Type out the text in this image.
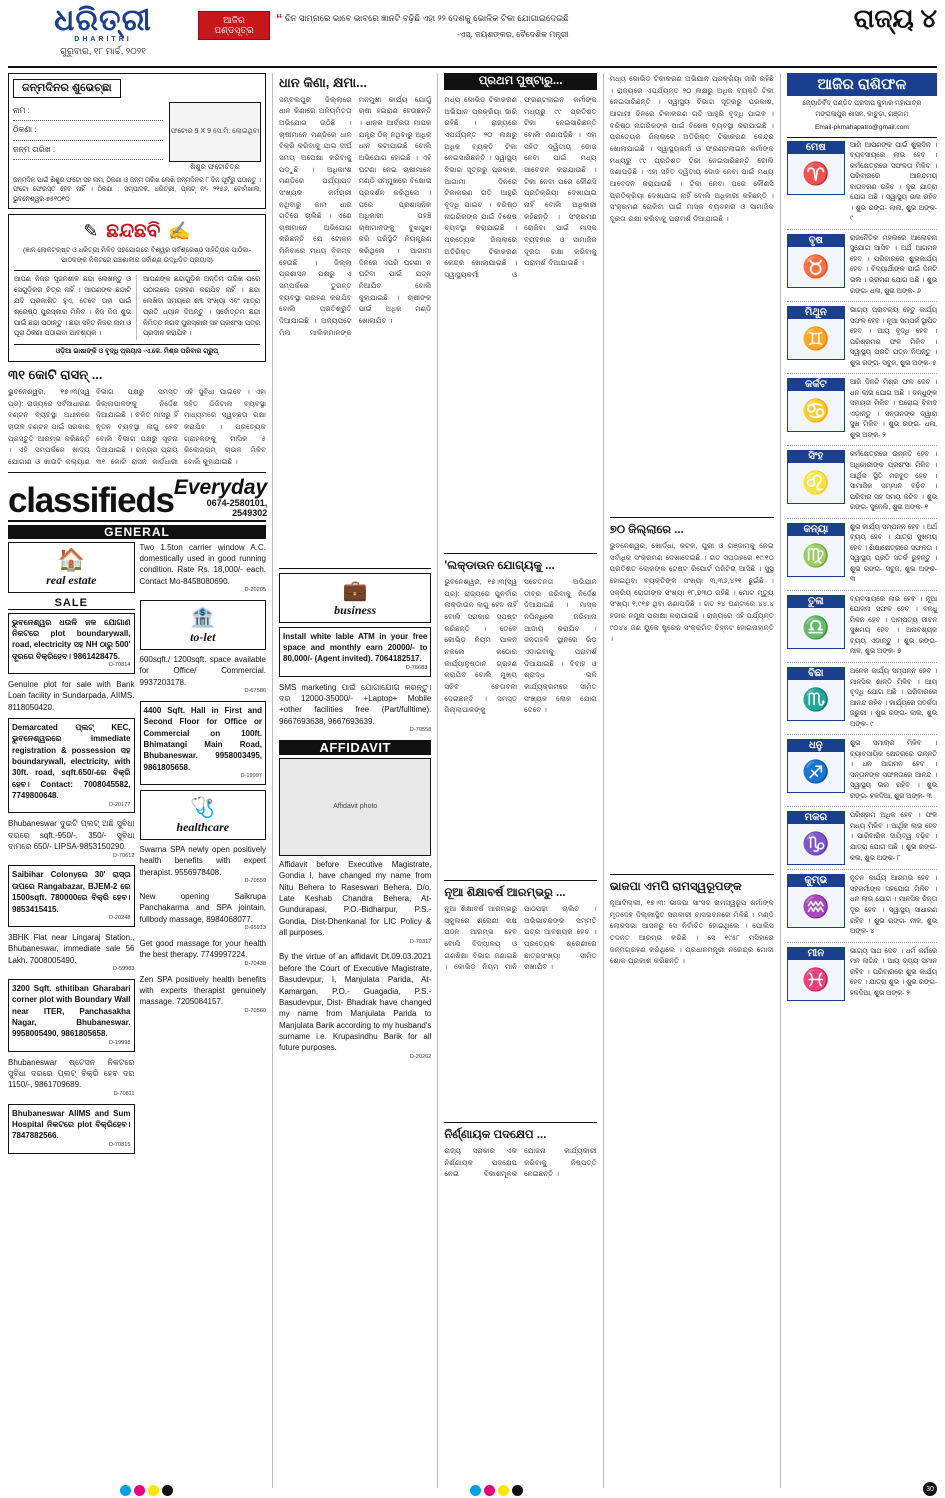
ଧରିତ୍ରୀ
DHARITRI
ଗୁରୁବାର, ୧୮ ମାର୍ଚ୍ଚ, ୨୦୨୧
ଆଜିର ପଣ୍ଡସୂତ୍ର
“ ଦିନ ସାମ୍ନାରେ ଭାବେ ଭାବରେ ଜ୍ଞାନଟି ବଢ଼ିଛି ଏହା ୨୨ ଦେଶକୁ ଭୋଳିକ ଟିକା ଯୋଗାଇଦେଇଛି
-ଏସ୍. ଜୟଶଙ୍କର, ବୈଦେଶିକ ମନ୍ତ୍ରୀ
ରାଜ୍ୟ ୪
ଜନ୍ମଦିନର ଶୁଭେଚ୍ଛା
ନାମ :
ଠିକଣା :
ଜନ୍ମ ତାରିଖ :
ଫଟୋର 9 X 9 ସେ.ମି. ଲୋଇଥିବା
ଶିଶୁର ଫଟୋଚିତ୍ର
ଜନ୍ମଦିନ ପାଇଁ ଶିଶୁର ଫଟୋ ସହ ନାମ, ଠିକଣା ଓ ଜନ୍ମ ତାରିଖ ଲେଖି ଜନ୍ମଦିନର ୮ ଦିନ ପୂର୍ବରୁ ପଠାନ୍ତୁ । ଫଟୋ ଫେରସ୍ତ ହେବ ନାହିଁ । ଠିକଣା : ସମ୍ପାଦକ, ଧରିତ୍ରୀ, ପ୍ଲଟ୍ ନଂ- ୨୧୫୬, ବୋମିଖାଲ, ଭୁବନେଶ୍ୱର-୭୫୧୦୧୦
✎ ଛନ୍ଦଛବି ✍
(ଜ୍ଞାନ ଲୋକଟ୍ରଷ୍ଟ ଓ ଧରିତ୍ରୀ ମିଳିତ ସହଯୋଗରେ ବିଶ୍ୱର ସର୍ବଶ୍ରେଷ୍ଠ ସାହିତ୍ୟିକ ପାଠିକା-ପାଠକଙ୍କ ନିକଟରେ ପଞ୍ଚଶାଳୀର ସର୍ବାଣ୍ଣ ଉଦ୍ଧିଡ଼ିତ ପ୍ରୟାସ)
ଆପଣ ନିଜର ସୃଜନଶୀଳ ଛନ୍ଦା ଲେଖନ୍ତୁ ଓ ସେଗୁଡ଼ିକର ଚିତ୍ର ନାହିଁ । ଆପଣଙ୍କ ଛନ୍ଦାଟି ଯଦି ପ୍ରକାଶିତ ହୁଏ, ତେବେ ତାହା ପାଇଁ ଶ୍ରେଷ୍ଠ ପୁରସ୍କାର ମିଳିବ । ନିଜ ନିଜ ଶୁଭ ପାଇଁ ଛନ୍ଦା ପଠାନ୍ତୁ । ଛନ୍ଦା ସହିତ ନିଜର ନାମ ଓ ପୂରା ଠିକଣା ପଠାଇବା ଆବଶ୍ୟକ ।
ଆପଣଙ୍କ ଛନ୍ଦାଗୁଡ଼ିକ ଅନ୍ତିମ ତାରିଖ ପରେ ପଠାଇଲେ ଗ୍ରହଣ କରାଯିବ ନାହିଁ । ଛନ୍ଦା ଲେଖିବା ସମୟରେ ଶବ୍ଦ ସଂଖ୍ୟା ଏବଂ ମାତ୍ରା ପ୍ରତି ଧ୍ୟାନ ଦିଅନ୍ତୁ । ସର୍ବୋତ୍ତମ ଛନ୍ଦା ନିମିତ୍ତ ନଗଦ ପୁରସ୍କାର ସହ ପ୍ରଶଂସା ପତ୍ର ପ୍ରଦାନ କରାଯିବ ।
ଓଡ଼ିଆ ଭାଷାଙ୍କି ଓ ବୃଦ୍ଧି ପ୍ରୟାସ -ଏ.କେ. ମିଶ୍ର ପରିବାର ଗ୍ରୁପ୍
୩୧ କୋଟି ରାସନ୍ ...
ଭୁବନେଶ୍ୱର, ୧୭।୩(ସ୍ୱ ପ୍ର): ରାଜ୍ୟରେ ସର୍ବସାଧାରଣ ବଣ୍ଟନ ବ୍ୟବସ୍ଥା ଅଧୀନରେ ଚାଉଳ ବଣ୍ଟନ ପାଇଁ ସରକାର ପ୍ରସ୍ତୁତି ଆରମ୍ଭ କରିଛନ୍ତି । ଏହି ସମ୍ପର୍କରେ ଖାଦ୍ୟ ଯୋଗାଣ ଓ ଖାଉଟି କଲ୍ୟାଣ ବିଭାଗ ପକ୍ଷରୁ ସମସ୍ତ ଜିଲ୍ଲାପାଳଙ୍କୁ ନିର୍ଦ୍ଦେଶ ଦିଆଯାଇଛି । ଚଳିତ ମାସରୁ ହିଁ ନୂତନ ବ୍ୟବସ୍ଥା ଲାଗୁ ହେବ ବୋଲି ବିଭାଗ ପକ୍ଷରୁ ସୂଚନା ଦିଆଯାଇଛି । ରାଜ୍ୟର ପ୍ରାୟ ୩୧ କୋଟି ରାସନ କାର୍ଡ଼ଧାରୀ ଏହି ସୁବିଧା ପାଇବେ । ଏହା ସହିତ ଡିଜିଟାଲ ବ୍ୟବସ୍ଥା ମାଧ୍ୟମରେ ସ୍ୱଚ୍ଛତା ରକ୍ଷା କରାଯିବ । ପ୍ରତ୍ୟେକ ଗ୍ରାହକଙ୍କୁ ମାସିକ ୫ କିଲୋଗ୍ରାମ୍ ଚାଉଳ ମିଳିବ ବୋଲି କୁହାଯାଇଛି ।
classifieds Everyday
0674-2580101, 2549302
GENERAL
🏠
real estate
SALE
ଭୁବନେଶ୍ୱର ଧଉଳି ଜଳ ଯୋଗାଣ ନିକଟରେ plot boundarywall, road, electricity ସହ NH ଠାରୁ 500' ଦୂରରେ ବିକ୍ରିହେବ। 9861428475.
D-70814
Genuine plot for sale with Bank Loan facility in Sundarpada, AIIMS. 8118050420.
Demarcated ପ୍ଲଟ୍ KEC, ଭୁବନେଶ୍ୱରରେ immediate registration & possession ସହ boundarywall, electricity, with 30ft. road, sqft.650/-ରେ ବିକ୍ରି ହେବ। Contact: 7008045582, 7749800648.
D-20177
Bhubaneswar ଦୁଇଟି ପ୍ଲଟ୍ ଅଛି ସୁବିଧା ଦରରେ sqft.-950/-, 350/- ସୁବିଧା ଦାମରେ 650/- LIPSA-9853150290.
D-70612
Saibihar Colonyରେ 30' ରାସ୍ତା ଉପରେ Rangabazar, BJEM-2 ରେ 1500sqft. 780000ରେ ବିକ୍ରି ହେବ। 9853415415.
D-20248
3BHK Flat near Lingaraj Station., Bhubaneswar, immediate sale 56 Lakh. 7008005490.
D-59983
3200 Sqft. sthitiban Gharabari corner plot with Boundary Wall near ITER, Panchasakha Nagar, Bhubaneswar. 9958005490, 9861805658.
D-19998
Bhubaneswar ଷ୍ଟେସନ ନିକଟରେ ସୁବିଧା ଦରରେ ପ୍ଲଟ୍ ବିକ୍ରି ହେବ ଦର 1150/-, 9861709689.
D-70811
Bhubaneswar AIIMS and Sum Hospital ନିକଟରେ plot ବିକ୍ରିହେବ। 7847882566.
D-70815
Two 1.5ton carrier window A.C. domestically used in good running condition. Rate Rs. 18,000/- each. Contact Mo-8458080690.
D-20205
🏦
to-let
600sqft./ 1200sqft. space available for Office/ Commercial. 9937203178.
D-67586
4400 Sqft. Hall in First and Second Floor for Office or Commercial on 100ft. Bhimatangi Main Road, Bhubaneswar. 9958003495, 9861805658.
D-19997
🩺
healthcare
Swarna SPA newly open positively health benefits with expert therapist. 9556978408.
D-70559
New opening Saikrupa Panchakarma and SPA jointain, fullbody massage, 8984068077.
D-65913
Get good massage for your health the best therapy. 7749997224.
D-70438
Zen SPA positively health benefits with experts therapist genuinely massage. 7205084157.
D-70560
ଧାନ କିଣା, କ୍ଷମା...
ସମ୍ବଲପୁର ଜିଲ୍ଲାରେ ଧାନ କିଣାରେ ଅନିୟମିତତା ଅଭିଯୋଗ ଉଠିଛି । ଚାଷୀମାନେ ମଣ୍ଡିରେ ଧାନ ବିକ୍ରି କରିବାକୁ ଯାଇ ଦୀର୍ଘ ସମୟ ଅପେକ୍ଷା କରିବାକୁ ପଡ଼ୁଛି । ଅଧିକାଂଶ ମଣ୍ଡିରେ ପର୍ଯ୍ୟାପ୍ତ ସଂଖ୍ୟକ କର୍ମଚାରୀ ନଥିବାରୁ କାମ ଧୀର ଗତିରେ ଚାଲିଛି । ଏଣେ ଚାଷୀମାନେ ଅଭିଯୋଗ କରିଛନ୍ତି ଯେ ଟୋକନ ମିଳିବାରେ ମଧ୍ୟ ବିଳମ୍ବ ହେଉଛି । ଜିଲ୍ଲା ପ୍ରଶାସନ ପକ୍ଷରୁ ଏ ସମ୍ପର୍କରେ ତୁରନ୍ତ ବ୍ୟବସ୍ଥା ଗ୍ରହଣ କରାଯିବ ବୋଲି ପ୍ରତିଶ୍ରୁତି ଦିଆଯାଇଛି । ଅନ୍ୟପଟେ ମିଲ ମାଲିକମାନଙ୍କ ମନମୁଖୀ କାର୍ଯ୍ୟ ଯୋଗୁଁ ଚାଷୀ ହଇରାଣ ହେଉଛନ୍ତି । ଧାନର ଆର୍ଦ୍ରତା ମାପକ ଯନ୍ତ୍ର ଠିକ୍ ନଥିବାରୁ ଅଧିକ ଧାନ କଟାଯାଉଛି ବୋଲି ଅଭିଯୋଗ ହୋଇଛି । ଏହି ଘଟଣା ନେଇ ଚାଷୀମାନେ ମଣ୍ଡି ସମ୍ମୁଖରେ ବିକ୍ଷୋଭ ପ୍ରଦର୍ଶନ କରିଥିଲେ । ପରେ ପ୍ରଶାସନିକ ଅଧିକାରୀ ପହଞ୍ଚି ଚାଷୀମାନଙ୍କୁ ବୁଝାସୁଝା କରି ପରିସ୍ଥିତି ନିୟନ୍ତ୍ରଣ କରିଥିଲେ । ଆଗାମୀ ଦିନରେ ଏପରି ଘଟଣା ନ ଘଟିବା ପାଇଁ ଯତ୍ନ ନିଆଯିବ ବୋଲି କୁହାଯାଇଛି । ଚାଷୀଙ୍କ ପାଇଁ ଅଧିକ ମଣ୍ଡି ଖୋଲାଯିବ ।
💼
business
Install white lable ATM in your free space and monthly earn 20000/- to 80,000/- (Agent invited). 7064182517.
D-76683
SMS marketing ପାଇଁ ଯୋଗାଯୋଗ କରନ୍ତୁ। ଦର 12000-35000/- +Laptop+ Mobile +other facilities free (Part/fulltime). 9667693638, 9667693639.
D-70558
AFFIDAVIT
Affidavit photo
Affidavit before Executive Magistrate, Gondia I, have changed my name from Nitu Behera to Raseswari Behera. D/o. Late Keshab Chandra Behera, At- Gundurapasi, P.O.-Bidharpur, P.S.- Gondia, Dist-Dhenkanal for LIC Policy & all purposes.
D-70317
By the virtue of an affidavit Dt.09.03.2021 before the Court of Executive Magistrate, Basudevpur, I, Manjulata Parida, At- Kamargan, P.O.- Guagadia, P.S.- Basudevpur, Dist- Bhadrak have changed my name from Manjulata Parida to Manjulata Barik according to my husband's surname i.e. Krupasindhu Barik for all future purposes.
D-20262
ପ୍ରଥମ ପୁଷ୍ଟାରୁ...
ମଧ୍ୟ କୋଭିଡ଼ ଟିକାକରଣ ଅଭିଯାନ ପ୍ରକ୍ରିୟା ଜାରି ରହିଛି । ରାଜ୍ୟରେ ଏପର୍ଯ୍ୟନ୍ତ ୨୦ ଲକ୍ଷରୁ ଅଧିକ ବ୍ୟକ୍ତି ଟିକା ନେଇସାରିଛନ୍ତି । ସ୍ୱାସ୍ଥ୍ୟ ବିଭାଗ ସୂତ୍ରରୁ ପ୍ରକାଶ, ଆଗାମୀ ଦିନରେ ଟିକାକରଣ ଗତି ଆହୁରି ବୃଦ୍ଧି ପାଇବ । ବରିଷ୍ଠ ନାଗରିକଙ୍କ ପାଇଁ ବିଶେଷ ବ୍ୟବସ୍ଥା କରାଯାଇଛି । ପ୍ରତ୍ୟେକ ଜିଲ୍ଲାରେ ଅତିରିକ୍ତ ଟିକାକରଣ କେନ୍ଦ୍ର ଖୋଲାଯାଇଛି । ସ୍ୱାସ୍ଥ୍ୟକର୍ମୀ ଓ ଫ୍ରଣ୍ଟଲାଇନ କର୍ମୀଙ୍କ ମଧ୍ୟରୁ ୯୯ ପ୍ରତିଶତ ଟିକା ନେଇସାରିଛନ୍ତି ବୋଲି ଜଣାପଡ଼ିଛି । ଏହା ସହିତ ଦ୍ୱିତୀୟ ଡୋଜ ନେବା ପାଇଁ ମଧ୍ୟ ଆବେଦନ କରାଯାଉଛି । ଟିକା ନେବା ପରେ କୌଣସି ପ୍ରତିକ୍ରିୟା ଦେଖାଯାଇ ନାହିଁ ବୋଲି ଅଧିକାରୀ କହିଛନ୍ତି । ସଂକ୍ରମଣ ରୋକିବା ପାଇଁ ମାସ୍କ ବ୍ୟବହାର ଓ ସାମାଜିକ ଦୂରତା ରକ୍ଷା କରିବାକୁ ପରାମର୍ଶ ଦିଆଯାଇଛି ।
'ଲକ୍‌ଡାଉନ ଯୋଗ୍ୟକୁ ...
ଭୁବନେଶ୍ୱର, ୧୭।୩(ସ୍ୱ ପ୍ର): ରାଜ୍ୟରେ ପୁନର୍ବାର ଲକ୍‌ଡାଉନ ଲାଗୁ ହେବ ନାହିଁ ବୋଲି ସରକାର ସ୍ପଷ୍ଟ କରିଛନ୍ତି । ତେବେ କୋଭିଡ଼ ନିୟମ ପାଳନ ନକଲେ କଠୋର କାର୍ଯ୍ୟାନୁଷ୍ଠାନ ଗ୍ରହଣ କରାଯିବ ବୋଲି ମୁଖ୍ୟ ସଚିବ ଚେତାବନୀ ଦେଇଛନ୍ତି । ସମସ୍ତ ଜିଲ୍ଲାପାଳଙ୍କୁ ସଚେତନତା ଅଭିଯାନ ତୀବ୍ର କରିବାକୁ ନିର୍ଦ୍ଦେଶ ଦିଆଯାଇଛି । ମାସ୍କ ନପିନ୍ଧିଲେ ଜରିମାନା ଆଦାୟ କରାଯିବ । ଜନଗହଳି ସ୍ଥାନରେ ଭିଡ଼ ଏଡ଼ାଇବାକୁ ପରାମର୍ଶ ଦିଆଯାଇଛି । ବିବାହ ଓ ଶ୍ରାଦ୍ଧ ଭଳି କାର୍ଯ୍ୟକ୍ରମରେ ସୀମିତ ସଂଖ୍ୟକ ଲୋକ ଯୋଗ ଦେବେ ।
ନୂଆ ଶିକ୍ଷାବର୍ଷ ଆରମ୍ଭରୁ ...
ନୂଆ ଶିକ୍ଷାବର୍ଷ ଆରମ୍ଭରୁ ସ୍କୁଲରେ ଶ୍ରେଣୀ କକ୍ଷ ପଠନ ଆରମ୍ଭ ହେବ ବୋଲି ବିଦ୍ୟାଳୟ ଓ ଗଣଶିକ୍ଷା ବିଭାଗ ଜଣାଇଛି । କୋଭିଡ଼ ନିୟମ ମାନି ପାଠପଢ଼ା ଚାଲିବ । ଅଭିଭାବକଙ୍କ ସମ୍ମତି ପତ୍ର ଆବଶ୍ୟକ ହେବ । ପ୍ରତ୍ୟେକ ଶ୍ରେଣୀରେ ଛାତ୍ରସଂଖ୍ୟା ସୀମିତ ରଖାଯିବ ।
ନିର୍ଣ୍ଣାୟକ ପଦକ୍ଷେପ ...
ରାଜ୍ୟ ସରକାର ଏକ ନିର୍ଣ୍ଣାୟକ ପଦକ୍ଷେପ ନେଇ ବିକାଶମୂଳକ ଯୋଜନା କାର୍ଯ୍ୟକାରୀ କରିବାକୁ ନିଷ୍ପତ୍ତି ନେଇଛନ୍ତି ।
ମଧ୍ୟ କୋଭିଡ଼ ଟିକାକରଣ ଅଭିଯାନ ପ୍ରକ୍ରିୟା ଜାରି ରହିଛି । ରାଜ୍ୟରେ ଏପର୍ଯ୍ୟନ୍ତ ୨୦ ଲକ୍ଷରୁ ଅଧିକ ବ୍ୟକ୍ତି ଟିକା ନେଇସାରିଛନ୍ତି । ସ୍ୱାସ୍ଥ୍ୟ ବିଭାଗ ସୂତ୍ରରୁ ପ୍ରକାଶ, ଆଗାମୀ ଦିନରେ ଟିକାକରଣ ଗତି ଆହୁରି ବୃଦ୍ଧି ପାଇବ । ବରିଷ୍ଠ ନାଗରିକଙ୍କ ପାଇଁ ବିଶେଷ ବ୍ୟବସ୍ଥା କରାଯାଇଛି । ପ୍ରତ୍ୟେକ ଜିଲ୍ଲାରେ ଅତିରିକ୍ତ ଟିକାକରଣ କେନ୍ଦ୍ର ଖୋଲାଯାଇଛି । ସ୍ୱାସ୍ଥ୍ୟକର୍ମୀ ଓ ଫ୍ରଣ୍ଟଲାଇନ କର୍ମୀଙ୍କ ମଧ୍ୟରୁ ୯୯ ପ୍ରତିଶତ ଟିକା ନେଇସାରିଛନ୍ତି ବୋଲି ଜଣାପଡ଼ିଛି । ଏହା ସହିତ ଦ୍ୱିତୀୟ ଡୋଜ ନେବା ପାଇଁ ମଧ୍ୟ ଆବେଦନ କରାଯାଉଛି । ଟିକା ନେବା ପରେ କୌଣସି ପ୍ରତିକ୍ରିୟା ଦେଖାଯାଇ ନାହିଁ ବୋଲି ଅଧିକାରୀ କହିଛନ୍ତି । ସଂକ୍ରମଣ ରୋକିବା ପାଇଁ ମାସ୍କ ବ୍ୟବହାର ଓ ସାମାଜିକ ଦୂରତା ରକ୍ଷା କରିବାକୁ ପରାମର୍ଶ ଦିଆଯାଇଛି ।
୭୦ ଜିଲ୍ଲାରେ ...
ଭୁବନେଶ୍ୱର, ଖୋର୍ଦ୍ଧା, କଟକ, ପୁରୀ ଓ ଗଞ୍ଜାମକୁ ନେଇ ସର୍ବାଧିକ ସଂକ୍ରମଣ ଦେଖାଦେଇଛି । ଗତ ସପ୍ତାହରେ ୧୯.୧୦ ପ୍ରତିଶତ ଲୋକଙ୍କ ଟେଷ୍ଟ ରିପୋର୍ଟ ପଜିଟିଭ୍ ଆସିଛି । ସୁସ୍ଥ ହୋଇଥିବା ବ୍ୟକ୍ତିଙ୍କ ସଂଖ୍ୟା ୩,୩୬,୪୨୧ ଛୁଇଁଛି । ସକ୍ରିୟ ରୋଗୀଙ୍କ ସଂଖ୍ୟା ୧୮,୭୩୦ ରହିଛି । ମୋଟ ମୃତ୍ୟୁ ସଂଖ୍ୟା ୧,୯୧୭ ଥିବା ଜଣାପଡ଼ିଛି । ଗତ ୨୪ ଘଣ୍ଟାରେ ୪୪.୪ ହଜାର ନମୁନା ପରୀକ୍ଷା କରାଯାଇଛି । ରାଜ୍ୟରେ ଏହି ପର୍ଯ୍ୟନ୍ତ ୯୦୪୪ ଜଣ ୟୁକେ ଷ୍ଟ୍ରେନ ସଂକ୍ରମିତ ଚିହ୍ନଟ ହୋଇନାହାନ୍ତି ।
ଭାଜପା ଏମପି ରାମସ୍ୱରୂପଙ୍କ
ନୂଆଦିଲ୍ଲୀ, ୧୭।୩: ଭାଜପା ସାଂସଦ ରାମସ୍ୱରୂପ ଶର୍ମାଙ୍କ ମୃତଦେହ ଦିଲ୍ଲୀସ୍ଥିତ ସରକାରୀ ବାସଭବନରେ ମିଳିଛି । ମଣ୍ଡି ଲୋକସଭା ଆସନରୁ ସେ ନିର୍ବାଚିତ ହୋଇଥିଲେ । ପୋଲିସ ତଦନ୍ତ ଆରମ୍ଭ କରିଛି । ସେ ୧୯୫୮ ମସିହାରେ ଜନ୍ମଗ୍ରହଣ କରିଥିଲେ । ପ୍ରଧାନମନ୍ତ୍ରୀ ନରେନ୍ଦ୍ର ମୋଦୀ ଶୋକ ପ୍ରକାଶ କରିଛନ୍ତି ।
ଆଜିର ରାଶିଫଳ
ଜ୍ୟୋତିର୍ବିଦ୍ ପଣ୍ଡିତ ପ୍ରଦୀପ କୁମାର ମହାପାତ୍ର ମଙ୍ଗଳାପୁର ଶାସନ, କାଚୁଡ଼ା, ଗଞ୍ଜାମ
Email-pkmahapatro@gmail.com
ମେଷ
♈
ଆଜି ଆପଣଙ୍କ ପାଇଁ ଶୁଭଦିନ । ବ୍ୟବସାୟରେ ଲାଭ ହେବ । କର୍ମକ୍ଷେତ୍ରରେ ସଫଳତା ମିଳିବ । ପରିବାରରେ ଆନନ୍ଦମୟ ବାତାବରଣ ରହିବ । ଦୂର ଯାତ୍ରା ଯୋଗ ଅଛି । ସ୍ୱାସ୍ଥ୍ୟ ଭଲ ରହିବ । ଶୁଭ ରଙ୍ଗ- ଲାଲ, ଶୁଭ ଅଙ୍କ- ୯
ବୃଷ
♉
ରାଜନୈତିକ ମହଲରେ ଆଲୋଚନା ସୁଯୋଗ ଆସିବ । ଅର୍ଥ ଆଗମନ ହେବ । ପରିବାରରେ ଶୁଭକାର୍ଯ୍ୟ ହେବ । ବିଦ୍ୟାର୍ଥୀଙ୍କ ପାଇଁ ଦିନଟି ଭଲ । ଭ୍ରମଣ ଯୋଗ ଅଛି । ଶୁଭ ରଙ୍ଗ- ଧଳା, ଶୁଭ ଅଙ୍କ- ୬
ମିଥୁନ
♊
ଭାଗ୍ୟ ପ୍ରାବଲ୍ୟ ହେତୁ କାର୍ଯ୍ୟ ସଫଳ ହେବ । ନୂଆ ସମ୍ପର୍କ ସ୍ଥାପିତ ହେବ । ଆୟ ବୃଦ୍ଧି ହେବ । ପରିଶ୍ରମର ଫଳ ମିଳିବ । ସ୍ୱାସ୍ଥ୍ୟ ପ୍ରତି ଯତ୍ନ ନିଅନ୍ତୁ । ଶୁଭ ରଙ୍ଗ- ସବୁଜ, ଶୁଭ ଅଙ୍କ- ୫
କର୍କଟ
♋
ଆଜି ଦିନଟି ମିଶ୍ର ଫଳ ଦେବ । ଧନ ଲାଭ ଯୋଗ ଅଛି । ବନ୍ଧୁଙ୍କ ସହାୟତା ମିଳିବ । ଘରୋଇ ବିବାଦ ଏଡ଼ାନ୍ତୁ । ସନ୍ତାନଙ୍କ ଦ୍ୱାରା ସୁଖ ମିଳିବ । ଶୁଭ ରଙ୍ଗ- ଧଳା, ଶୁଭ ଅଙ୍କ- ୨
ସିଂହ
♌
କର୍ମକ୍ଷେତ୍ରରେ ଉନ୍ନତି ହେବ । ଅଧିକାରୀଙ୍କ ପ୍ରଶଂସା ମିଳିବ । ଆର୍ଥିକ ସ୍ଥିତି ମଜବୁତ ହେବ । ସାମାଜିକ ସମ୍ମାନ ବଢ଼ିବ । ପରିବାର ସହ ସମୟ କଟିବ । ଶୁଭ ରଙ୍ଗ- ସୁନେଲି, ଶୁଭ ଅଙ୍କ- ୧
କନ୍ୟା
♍
ଶୁଭ କାର୍ଯ୍ୟ ସମ୍ପନ୍ନ ହେବ । ଅର୍ଥ ବ୍ୟୟ ହେବ । ଯାତ୍ରା ସୁଖମୟ ହେବ । ଶିକ୍ଷାକ୍ଷେତ୍ରରେ ସଫଳତା । ସ୍ୱାସ୍ଥ୍ୟ ପ୍ରତି ସତର୍କ ରୁହନ୍ତୁ । ଶୁଭ ରଙ୍ଗ- ସବୁଜ, ଶୁଭ ଅଙ୍କ- ୩
ତୁଳା
♎
ବ୍ୟବସାୟରେ ଲାଭ ହେବ । ନୂଆ ଯୋଜନା ସଫଳ ହେବ । ବନ୍ଧୁ ମିଳନ ହେବ । ଦାମ୍ପତ୍ୟ ଜୀବନ ସୁଖମୟ ହେବ । ଅନାବଶ୍ୟକ ବ୍ୟୟ ଏଡ଼ାନ୍ତୁ । ଶୁଭ ରଙ୍ଗ- ନୀଳ, ଶୁଭ ଅଙ୍କ- ୭
ବିଛା
♏
ଅନେକ କାର୍ଯ୍ୟ ସମ୍ପନ୍ନ ହେବ । ମାନସିକ ଶାନ୍ତି ମିଳିବ । ଆୟ ବୃଦ୍ଧି ଯୋଗ ଅଛି । ପରିବାରରେ ଆନନ୍ଦ ରହିବ । କାର୍ଯ୍ୟରେ ସତର୍କତା ଜରୁରୀ । ଶୁଭ ରଙ୍ଗ- ଲାଲ, ଶୁଭ ଅଙ୍କ- ୯
ଧନୁ
♐
ଶୁଭ ସମାଚାର ମିଳିବ । ବ୍ୟାବସାୟିକ କ୍ଷେତ୍ରରେ ଉନ୍ନତି । ଧନ ଆଗମନ ହେବ । ସନ୍ତାନଙ୍କ ସଫଳତାରେ ଆନନ୍ଦ । ସ୍ୱାସ୍ଥ୍ୟ ଭଲ ରହିବ । ଶୁଭ ରଙ୍ଗ- ହଳଦିଆ, ଶୁଭ ଅଙ୍କ- ୩
ମକର
♑
ପରିଶ୍ରମ ଅଧିକ ହେବ । ଫଳ ମଧ୍ୟ ମିଳିବ । ଆର୍ଥିକ ଲାଭ ହେବ । ପାରିବାରିକ ଦାୟିତ୍ୱ ବଢ଼ିବ । ଯାତ୍ରା ଯୋଗ ଅଛି । ଶୁଭ ରଙ୍ଗ- କଳା, ଶୁଭ ଅଙ୍କ- ୮
କୁମ୍ଭ
♒
ନୂତନ କାର୍ଯ୍ୟ ଆରମ୍ଭ ହେବ । ସହକର୍ମୀଙ୍କ ସହଯୋଗ ମିଳିବ । ଧନ ଲାଭ ଯୋଗ । ମାନସିକ ଚିନ୍ତା ଦୂର ହେବ । ସ୍ୱାସ୍ଥ୍ୟ ସାଧାରଣ ରହିବ । ଶୁଭ ରଙ୍ଗ- ନୀଳ, ଶୁଭ ଅଙ୍କ- ୪
ମୀନ
♓
ଭାଗ୍ୟ ସାଥ ଦେବ । ଧର୍ମ କର୍ମରେ ମନ ଲାଗିବ । ଆୟ ବ୍ୟୟ ସମାନ ରହିବ । ପରିବାରରେ ଶୁଭ କାର୍ଯ୍ୟ ହେବ । ଯାତ୍ରା ଶୁଭ । ଶୁଭ ରଙ୍ଗ- ହଳଦିଆ, ଶୁଭ ଅଙ୍କ- ୨
30
